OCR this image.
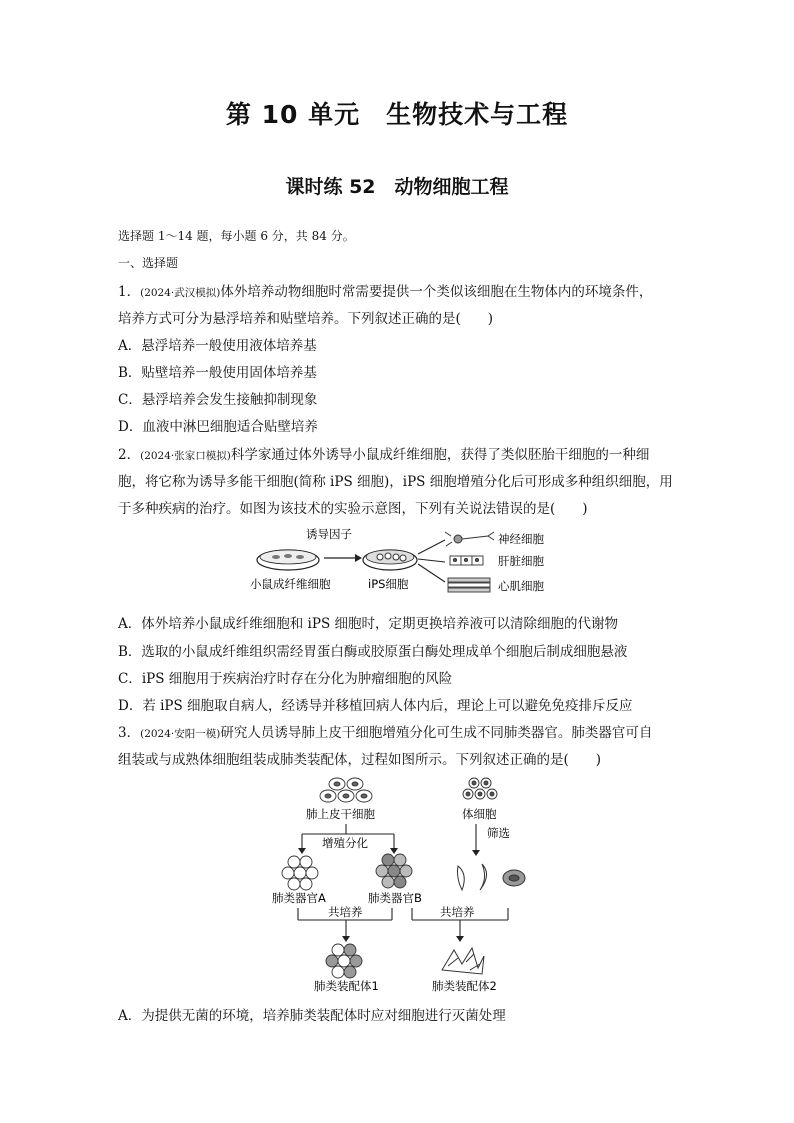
第 10 单元　生物技术与工程
课时练 52　动物细胞工程
选择题 1～14 题，每小题 6 分，共 84 分。
一、选择题
1．(2024·武汉模拟)体外培养动物细胞时常需要提供一个类似该细胞在生物体内的环境条件，
培养方式可分为悬浮培养和贴壁培养。下列叙述正确的是(　　)
A．悬浮培养一般使用液体培养基
B．贴壁培养一般使用固体培养基
C．悬浮培养会发生接触抑制现象
D．血液中淋巴细胞适合贴壁培养
2．(2024·张家口模拟)科学家通过体外诱导小鼠成纤维细胞，获得了类似胚胎干细胞的一种细
胞，将它称为诱导多能干细胞(简称 iPS 细胞)，iPS 细胞增殖分化后可形成多种组织细胞，用
于多种疾病的治疗。如图为该技术的实验示意图，下列有关说法错误的是(　　)
小鼠成纤维细胞
诱导因子
iPS细胞
神经细胞
肝脏细胞
心肌细胞
A．体外培养小鼠成纤维细胞和 iPS 细胞时，定期更换培养液可以清除细胞的代谢物
B．选取的小鼠成纤维组织需经胃蛋白酶或胶原蛋白酶处理成单个细胞后制成细胞悬液
C．iPS 细胞用于疾病治疗时存在分化为肿瘤细胞的风险
D．若 iPS 细胞取自病人，经诱导并移植回病人体内后，理论上可以避免免疫排斥反应
3．(2024·安阳一模)研究人员诱导肺上皮干细胞增殖分化可生成不同肺类器官。肺类器官可自
组装或与成熟体细胞组装成肺类装配体，过程如图所示。下列叙述正确的是(　　)
肺上皮干细胞	体细胞
增殖分化
筛选
肺类器官A	肺类器官B
共培养	共培养
肺类装配体1	肺类装配体2
A．为提供无菌的环境，培养肺类装配体时应对细胞进行灭菌处理
